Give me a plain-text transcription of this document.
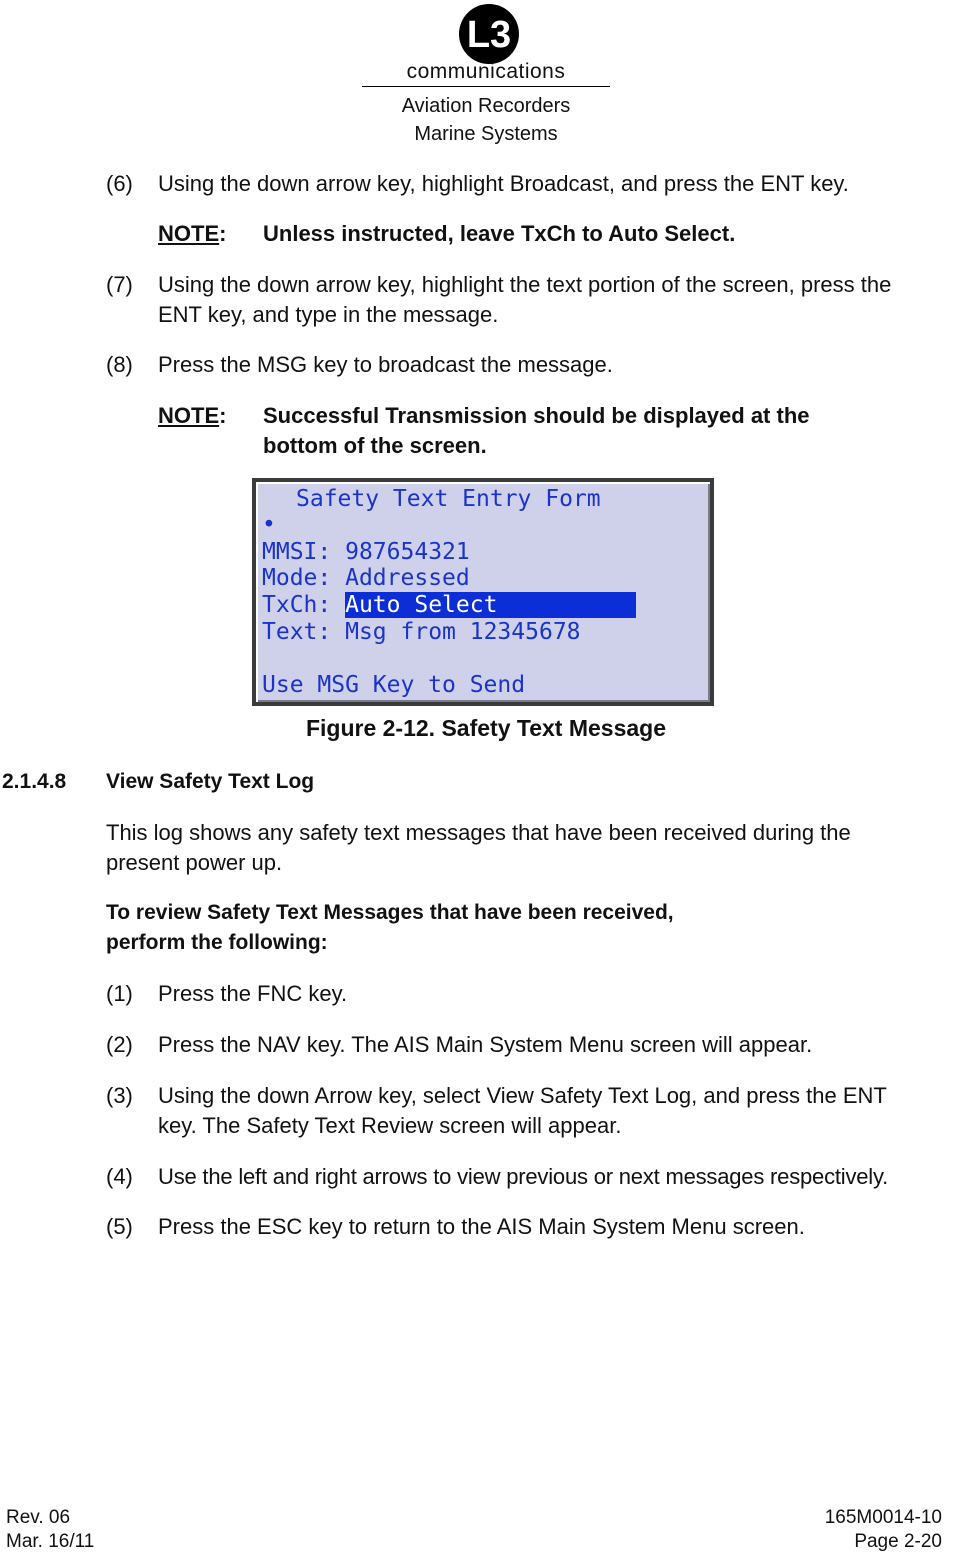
L3
communications
Aviation Recorders
Marine Systems
(6) Using the down arrow key, highlight Broadcast, and press the ENT key.
NOTE: Unless instructed, leave TxCh to Auto Select.
(7) Using the down arrow key, highlight the text portion of the screen, press the
ENT key, and type in the message.
(8) Press the MSG key to broadcast the message.
NOTE: Successful Transmission should be displayed at the
bottom of the screen.
Safety Text Entry Form
•
MMSI: 987654321
Mode: Addressed
TxCh: Auto Select
Text: Msg from 12345678
Use MSG Key to Send
Figure 2-12. Safety Text Message
2.1.4.8 View Safety Text Log
This log shows any safety text messages that have been received during the
present power up.
To review Safety Text Messages that have been received,
perform the following:
(1) Press the FNC key.
(2) Press the NAV key. The AIS Main System Menu screen will appear.
(3) Using the down Arrow key, select View Safety Text Log, and press the ENT
key. The Safety Text Review screen will appear.
(4) Use the left and right arrows to view previous or next messages respectively.
(5) Press the ESC key to return to the AIS Main System Menu screen.
Rev. 06
Mar. 16/11
165M0014-10
Page 2-20
